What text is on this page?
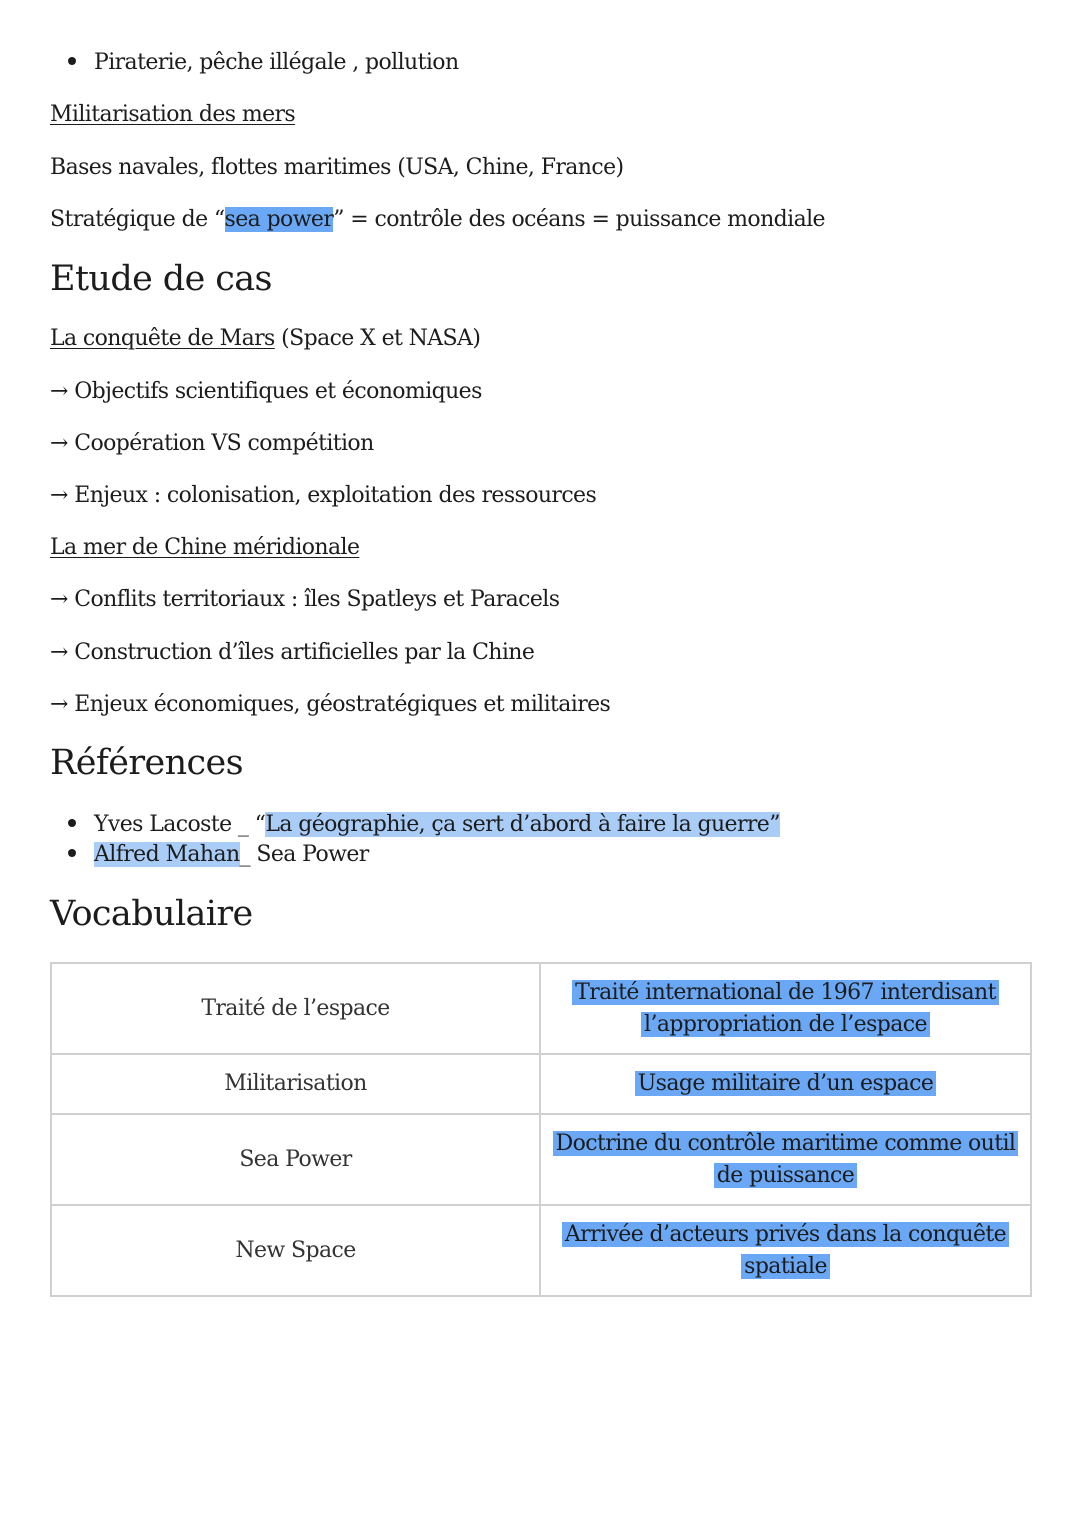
Piraterie, pêche illégale , pollution
Militarisation des mers
Bases navales, flottes maritimes (USA, Chine, France)
Stratégique de “sea power” = contrôle des océans = puissance mondiale
Etude de cas
La conquête de Mars (Space X et NASA)
→ Objectifs scientifiques et économiques
→ Coopération VS compétition
→ Enjeux : colonisation, exploitation des ressources
La mer de Chine méridionale
→ Conflits territoriaux : îles Spatleys et Paracels
→ Construction d’îles artificielles par la Chine
→ Enjeux économiques, géostratégiques et militaires
Références
Yves Lacoste _ “La géographie, ça sert d’abord à faire la guerre”
Alfred Mahan_ Sea Power
Vocabulaire
Traité de l’espace	Traité international de 1967 interdisant l’appropriation de l’espace
Militarisation	Usage militaire d’un espace
Sea Power	Doctrine du contrôle maritime comme outil de puissance
New Space	Arrivée d’acteurs privés dans la conquête spatiale
